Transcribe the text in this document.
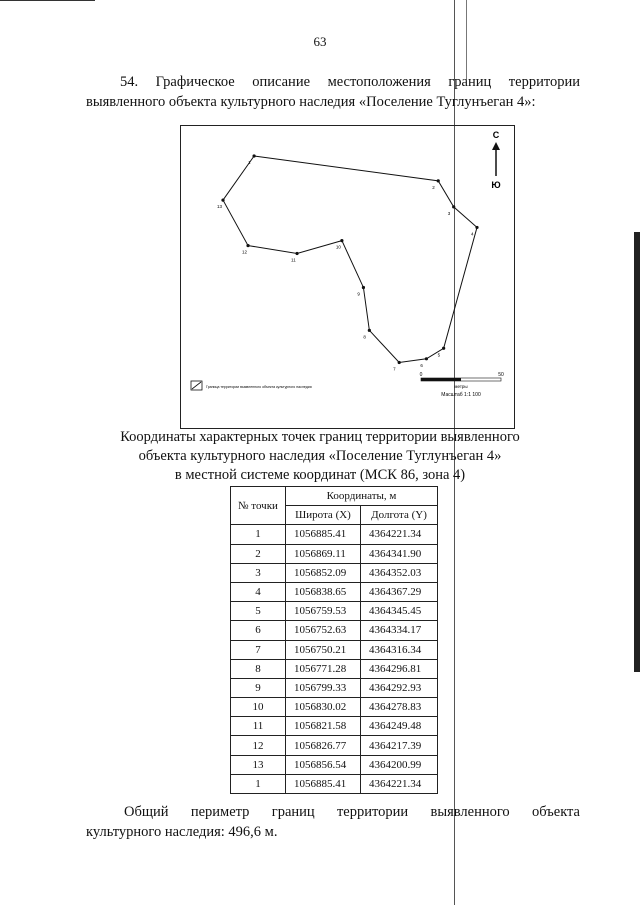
63
54. Графическое описание местоположения границ территории
выявленного объекта культурного наследия «Поселение Туглунъеган 4»:
1
2
3
4
5
6
7
8
9
10
11
12
13
С
Ю
Граница территории выявленного объекта культурного наследия
0	50
метры
Масштаб 1:1 100
Координаты характерных точек границ территории выявленного
объекта культурного наследия «Поселение Туглунъеган 4»
в местной системе координат (МСК 86, зона 4)
№ точки	Координаты, м	
	Широта (X)	Долгота (Y)
1	1056885.41	4364221.34
2	1056869.11	4364341.90
3	1056852.09	4364352.03
4	1056838.65	4364367.29
5	1056759.53	4364345.45
6	1056752.63	4364334.17
7	1056750.21	4364316.34
8	1056771.28	4364296.81
9	1056799.33	4364292.93
10	1056830.02	4364278.83
11	1056821.58	4364249.48
12	1056826.77	4364217.39
13	1056856.54	4364200.99
1	1056885.41	4364221.34
Общий периметр границ территории выявленного объекта
культурного наследия: 496,6 м.
